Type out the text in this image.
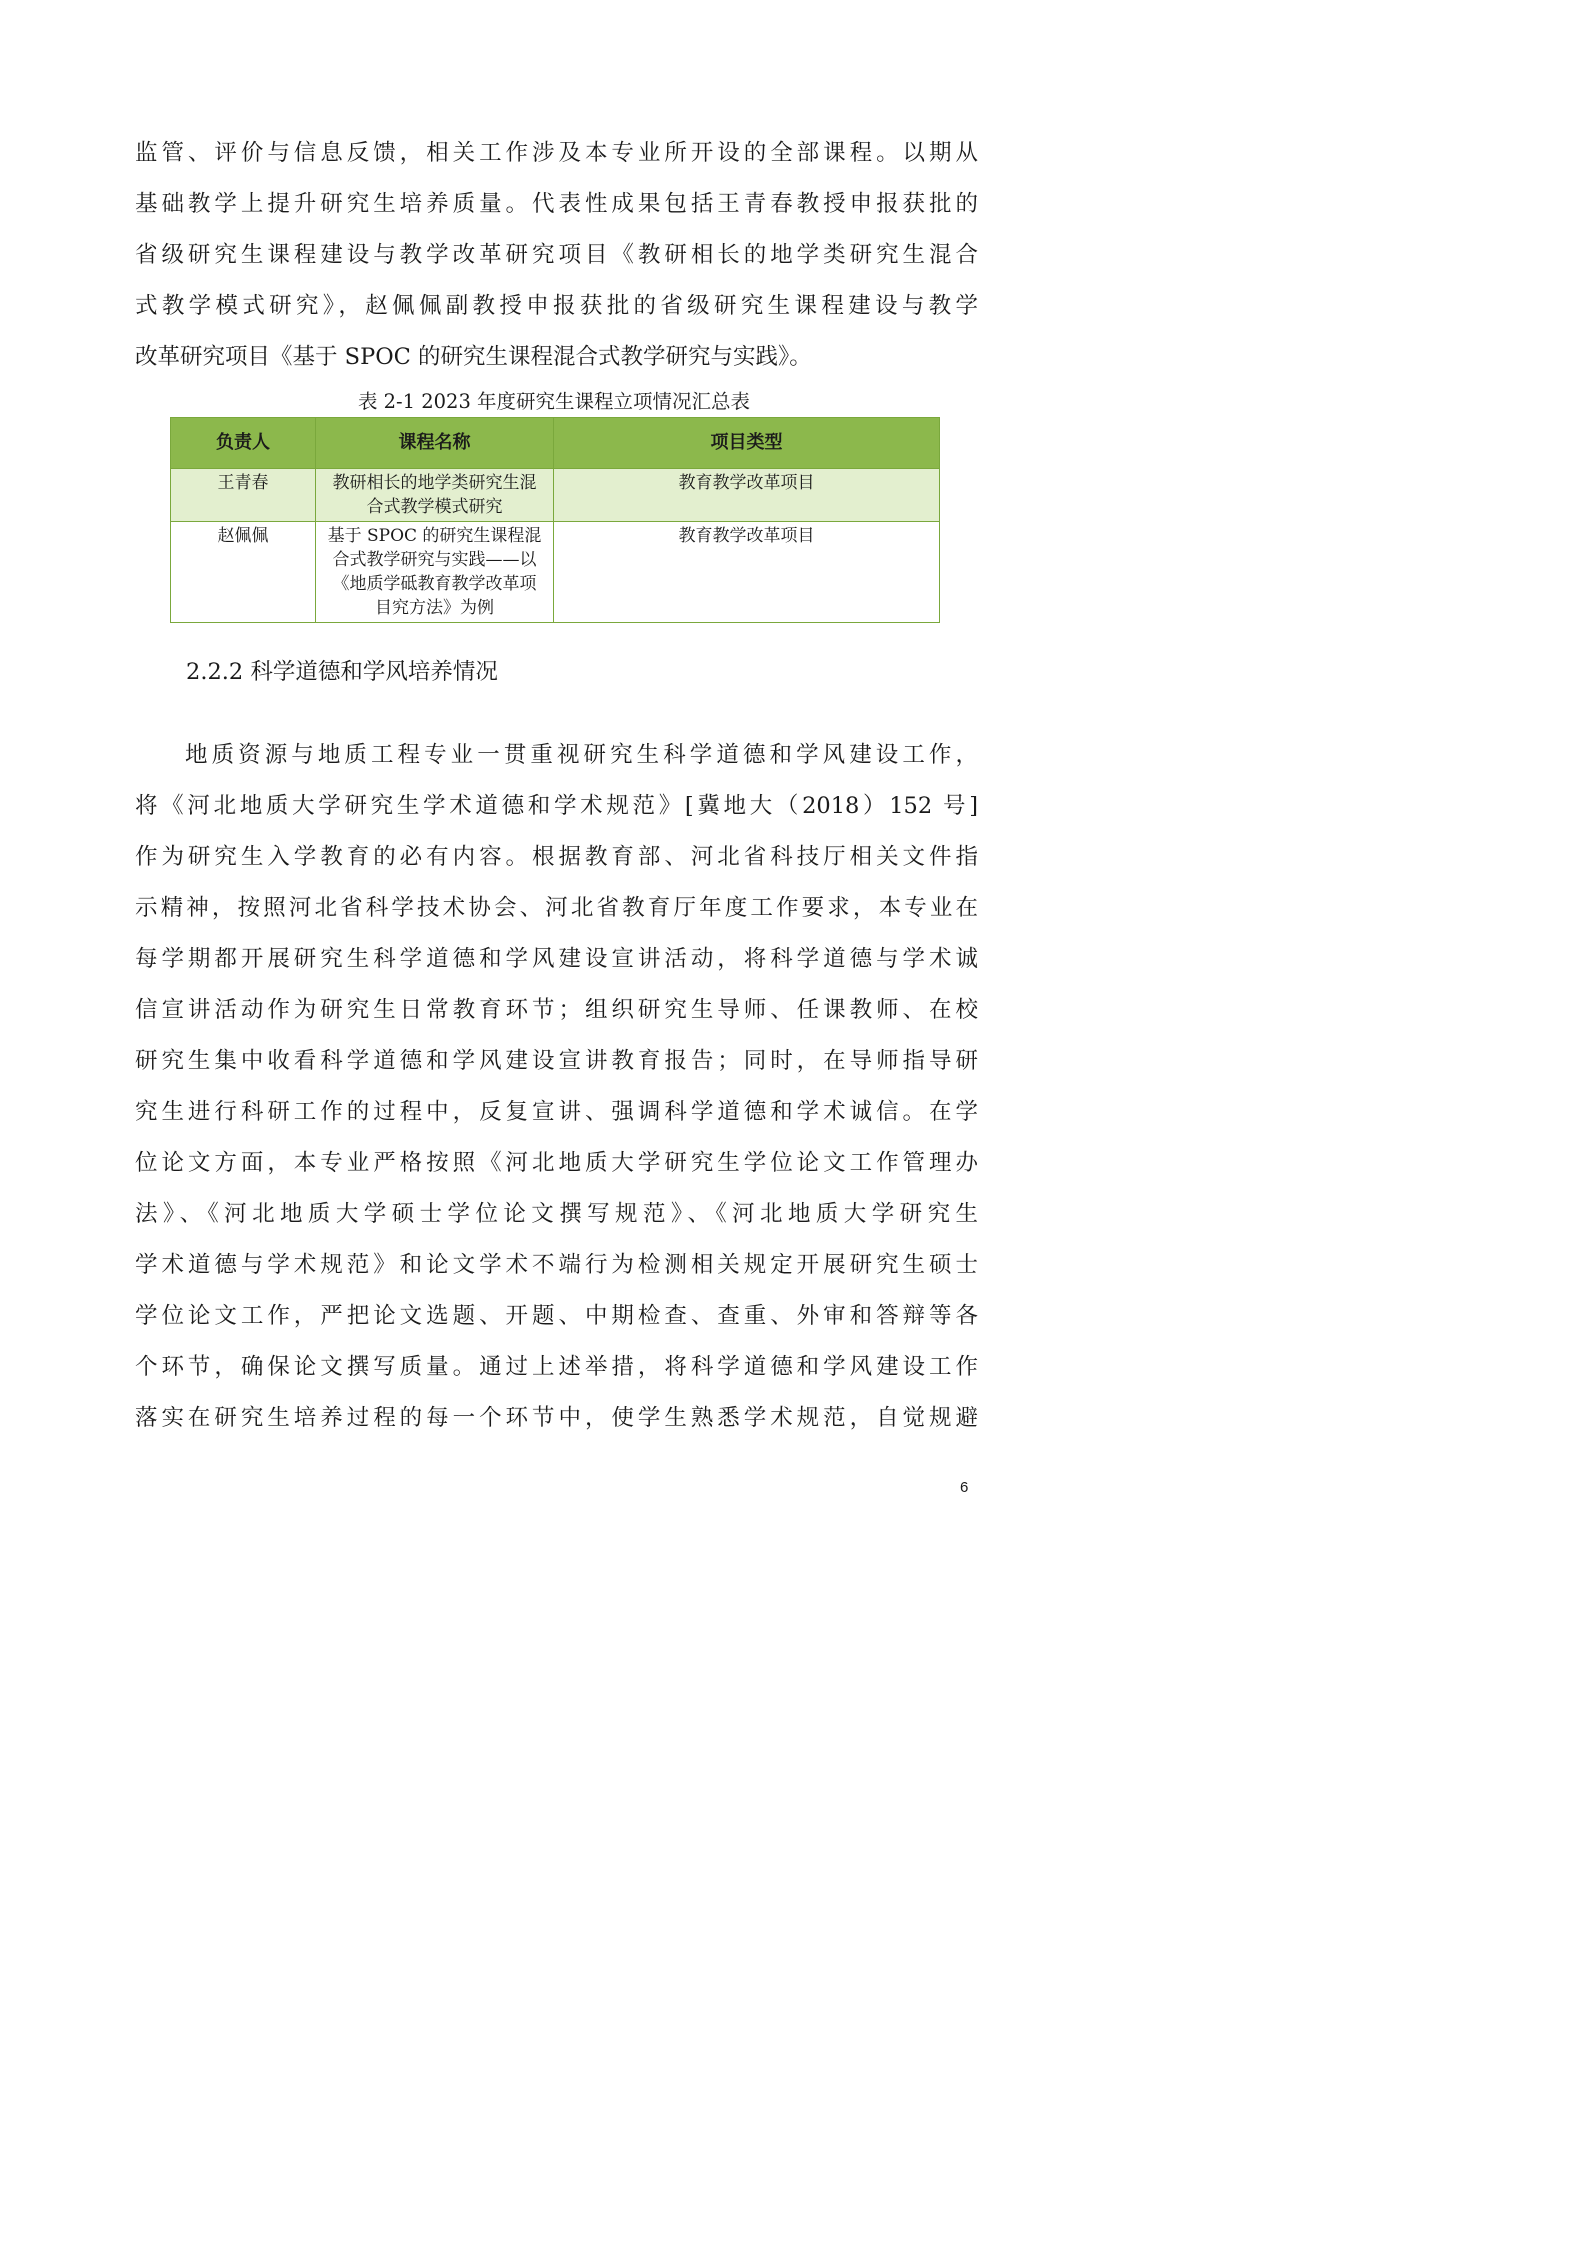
监管、评价与信息反馈，相关工作涉及本专业所开设的全部课程。以期从
基础教学上提升研究生培养质量。代表性成果包括王青春教授申报获批的
省级研究生课程建设与教学改革研究项目《教研相长的地学类研究生混合
式教学模式研究》，赵佩佩副教授申报获批的省级研究生课程建设与教学
改革研究项目《基于 SPOC 的研究生课程混合式教学研究与实践》。
表 2-1 2023 年度研究生课程立项情况汇总表
负责人	课程名称	项目类型
王青春	教研相长的地学类研究生混
合式教学模式研究	教育教学改革项目
赵佩佩	基于 SPOC 的研究生课程混
合式教学研究与实践——以
《地质学砥教育教学改革项
目究方法》为例	教育教学改革项目
2.2.2 科学道德和学风培养情况
地质资源与地质工程专业一贯重视研究生科学道德和学风建设工作，
将《河北地质大学研究生学术道德和学术规范》[冀地大（2018）152 号]
作为研究生入学教育的必有内容。根据教育部、河北省科技厅相关文件指
示精神，按照河北省科学技术协会、河北省教育厅年度工作要求，本专业在
每学期都开展研究生科学道德和学风建设宣讲活动，将科学道德与学术诚
信宣讲活动作为研究生日常教育环节；组织研究生导师、任课教师、在校
研究生集中收看科学道德和学风建设宣讲教育报告；同时，在导师指导研
究生进行科研工作的过程中，反复宣讲、强调科学道德和学术诚信。在学
位论文方面，本专业严格按照《河北地质大学研究生学位论文工作管理办
法》、《河北地质大学硕士学位论文撰写规范》、《河北地质大学研究生
学术道德与学术规范》和论文学术不端行为检测相关规定开展研究生硕士
学位论文工作，严把论文选题、开题、中期检查、查重、外审和答辩等各
个环节，确保论文撰写质量。通过上述举措，将科学道德和学风建设工作
落实在研究生培养过程的每一个环节中，使学生熟悉学术规范，自觉规避
6
